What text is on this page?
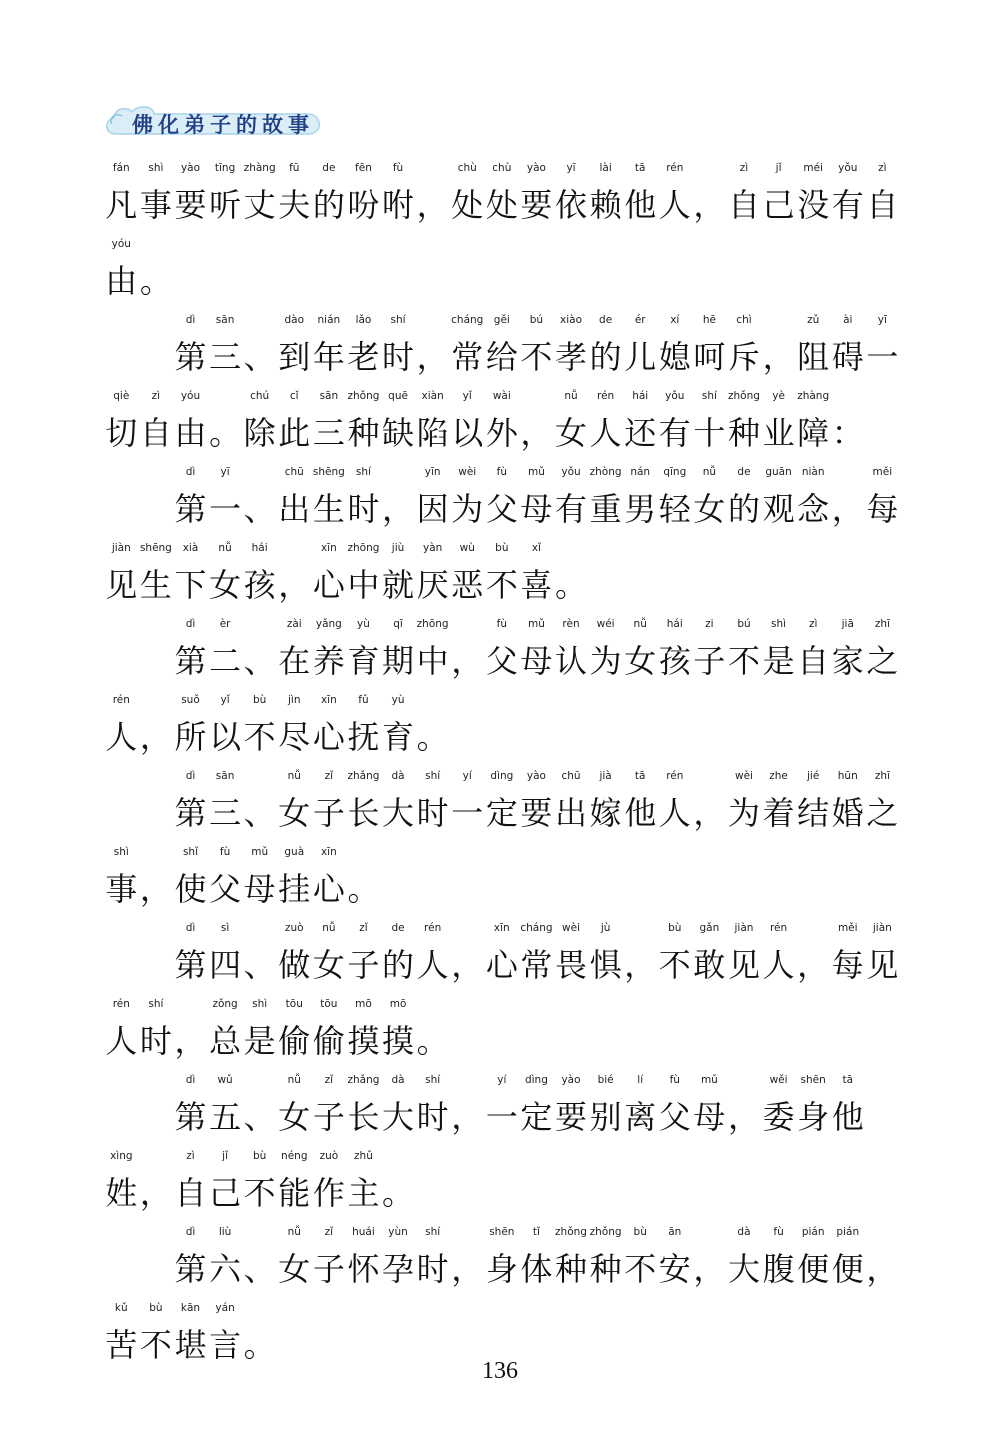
佛化弟子的故事
fán
凡
shì
事
yào
要
tīng
听
zhàng
丈
fū
夫
de
的
fēn
吩
fù
咐 ，
chù
处
chù
处
yào
要
yī
依
lài
赖
tā
他
rén
人 ，
zì
自
jǐ
己
méi
没
yǒu
有
zì
自
yóu
由 。
dì
第
sān
三 、
dào
到
nián
年
lǎo
老
shí
时 ，
cháng
常
gěi
给
bú
不
xiào
孝
de
的
ér
儿
xí
媳
hē
呵
chì
斥 ，
zǔ
阻
ài
碍
yī
一
qiè
切
zì
自
yóu
由 。
chú
除
cǐ
此
sān
三
zhǒng
种
quē
缺
xiàn
陷
yǐ
以
wài
外 ，
nǚ
女
rén
人
hái
还
yǒu
有
shí
十
zhǒng
种
yè
业
zhàng
障 ：
dì
第
yī
一 、
chū
出
shēng
生
shí
时 ，
yīn
因
wèi
为
fù
父
mǔ
母
yǒu
有
zhòng
重
nán
男
qīng
轻
nǚ
女
de
的
guān
观
niàn
念 ，
měi
每
jiàn
见
shēng
生
xià
下
nǚ
女
hái
孩 ，
xīn
心
zhōng
中
jiù
就
yàn
厌
wù
恶
bù
不
xǐ
喜 。
dì
第
èr
二 、
zài
在
yǎng
养
yù
育
qī
期
zhōng
中 ，
fù
父
mǔ
母
rèn
认
wéi
为
nǚ
女
hái
孩
zi
子
bú
不
shì
是
zì
自
jiā
家
zhī
之
rén
人 ，
suǒ
所
yǐ
以
bù
不
jìn
尽
xīn
心
fǔ
抚
yù
育 。
dì
第
sān
三 、
nǚ
女
zǐ
子
zhǎng
长
dà
大
shí
时
yí
一
dìng
定
yào
要
chū
出
jià
嫁
tā
他
rén
人 ，
wèi
为
zhe
着
jié
结
hūn
婚
zhī
之
shì
事 ，
shǐ
使
fù
父
mǔ
母
guà
挂
xīn
心 。
dì
第
sì
四 、
zuò
做
nǚ
女
zǐ
子
de
的
rén
人 ，
xīn
心
cháng
常
wèi
畏
jù
惧 ，
bù
不
gǎn
敢
jiàn
见
rén
人 ，
měi
每
jiàn
见
rén
人
shí
时 ，
zǒng
总
shì
是
tōu
偷
tōu
偷
mō
摸
mō
摸 。
dì
第
wǔ
五 、
nǚ
女
zǐ
子
zhǎng
长
dà
大
shí
时 ，
yí
一
dìng
定
yào
要
bié
别
lí
离
fù
父
mǔ
母 ，
wěi
委
shēn
身
tā
他
xìng
姓 ，
zì
自
jǐ
己
bù
不
néng
能
zuò
作
zhǔ
主 。
dì
第
liù
六 、
nǚ
女
zǐ
子
huái
怀
yùn
孕
shí
时 ，
shēn
身
tǐ
体
zhǒng
种
zhǒng
种
bù
不
ān
安 ，
dà
大
fù
腹
pián
便
pián
便 ，
kǔ
苦
bù
不
kān
堪
yán
言 。
136
